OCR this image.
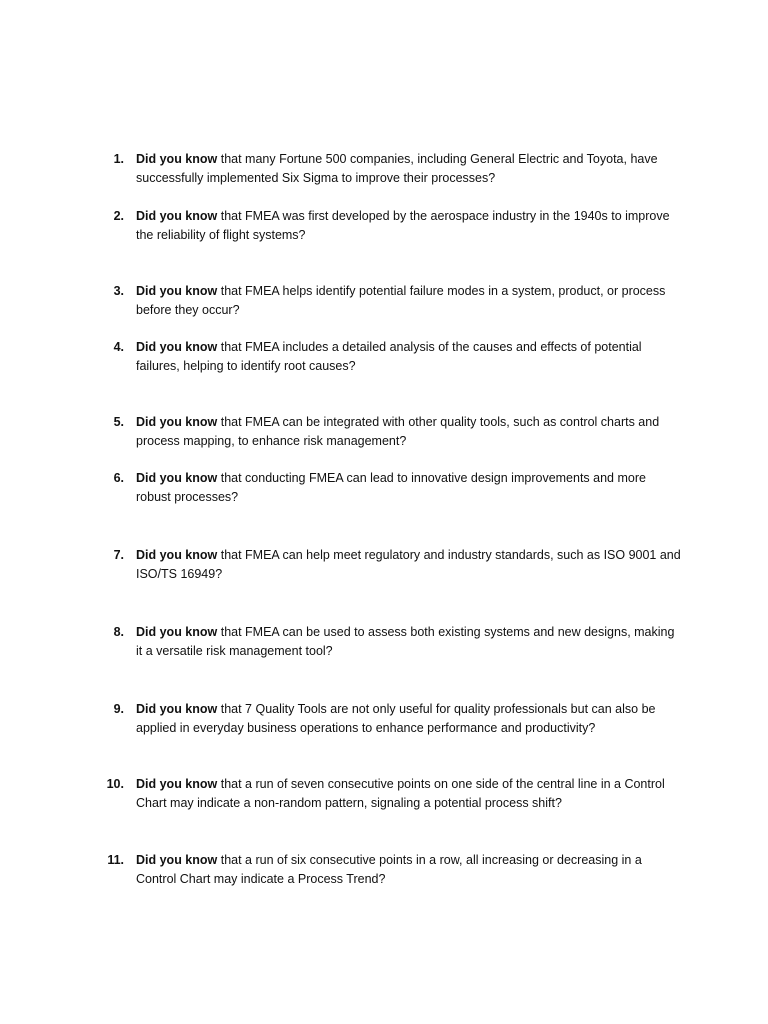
1. Did you know that many Fortune 500 companies, including General Electric and Toyota, have successfully implemented Six Sigma to improve their processes?
2. Did you know that FMEA was first developed by the aerospace industry in the 1940s to improve the reliability of flight systems?
3. Did you know that FMEA helps identify potential failure modes in a system, product, or process before they occur?
4. Did you know that FMEA includes a detailed analysis of the causes and effects of potential failures, helping to identify root causes?
5. Did you know that FMEA can be integrated with other quality tools, such as control charts and process mapping, to enhance risk management?
6. Did you know that conducting FMEA can lead to innovative design improvements and more robust processes?
7. Did you know that FMEA can help meet regulatory and industry standards, such as ISO 9001 and ISO/TS 16949?
8. Did you know that FMEA can be used to assess both existing systems and new designs, making it a versatile risk management tool?
9. Did you know that 7 Quality Tools are not only useful for quality professionals but can also be applied in everyday business operations to enhance performance and productivity?
10. Did you know that a run of seven consecutive points on one side of the central line in a Control Chart may indicate a non-random pattern, signaling a potential process shift?
11. Did you know that a run of six consecutive points in a row, all increasing or decreasing in a Control Chart may indicate a Process Trend?
